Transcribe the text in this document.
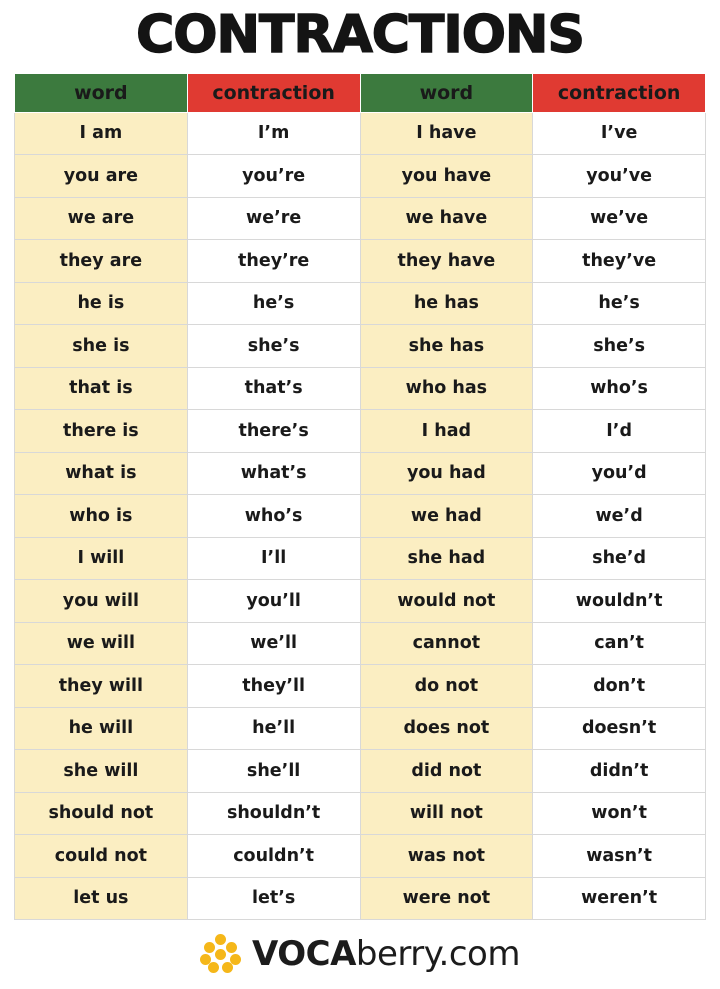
CONTRACTIONS
word	contraction	word	contraction
I am	I’m	I have	I’ve
you are	you’re	you have	you’ve
we are	we’re	we have	we’ve
they are	they’re	they have	they’ve
he is	he’s	he has	he’s
she is	she’s	she has	she’s
that is	that’s	who has	who’s
there is	there’s	I had	I’d
what is	what’s	you had	you’d
who is	who’s	we had	we’d
I will	I’ll	she had	she’d
you will	you’ll	would not	wouldn’t
we will	we’ll	cannot	can’t
they will	they’ll	do not	don’t
he will	he’ll	does not	doesn’t
she will	she’ll	did not	didn’t
should not	shouldn’t	will not	won’t
could not	couldn’t	was not	wasn’t
let us	let’s	were not	weren’t
VOCAberry.com
